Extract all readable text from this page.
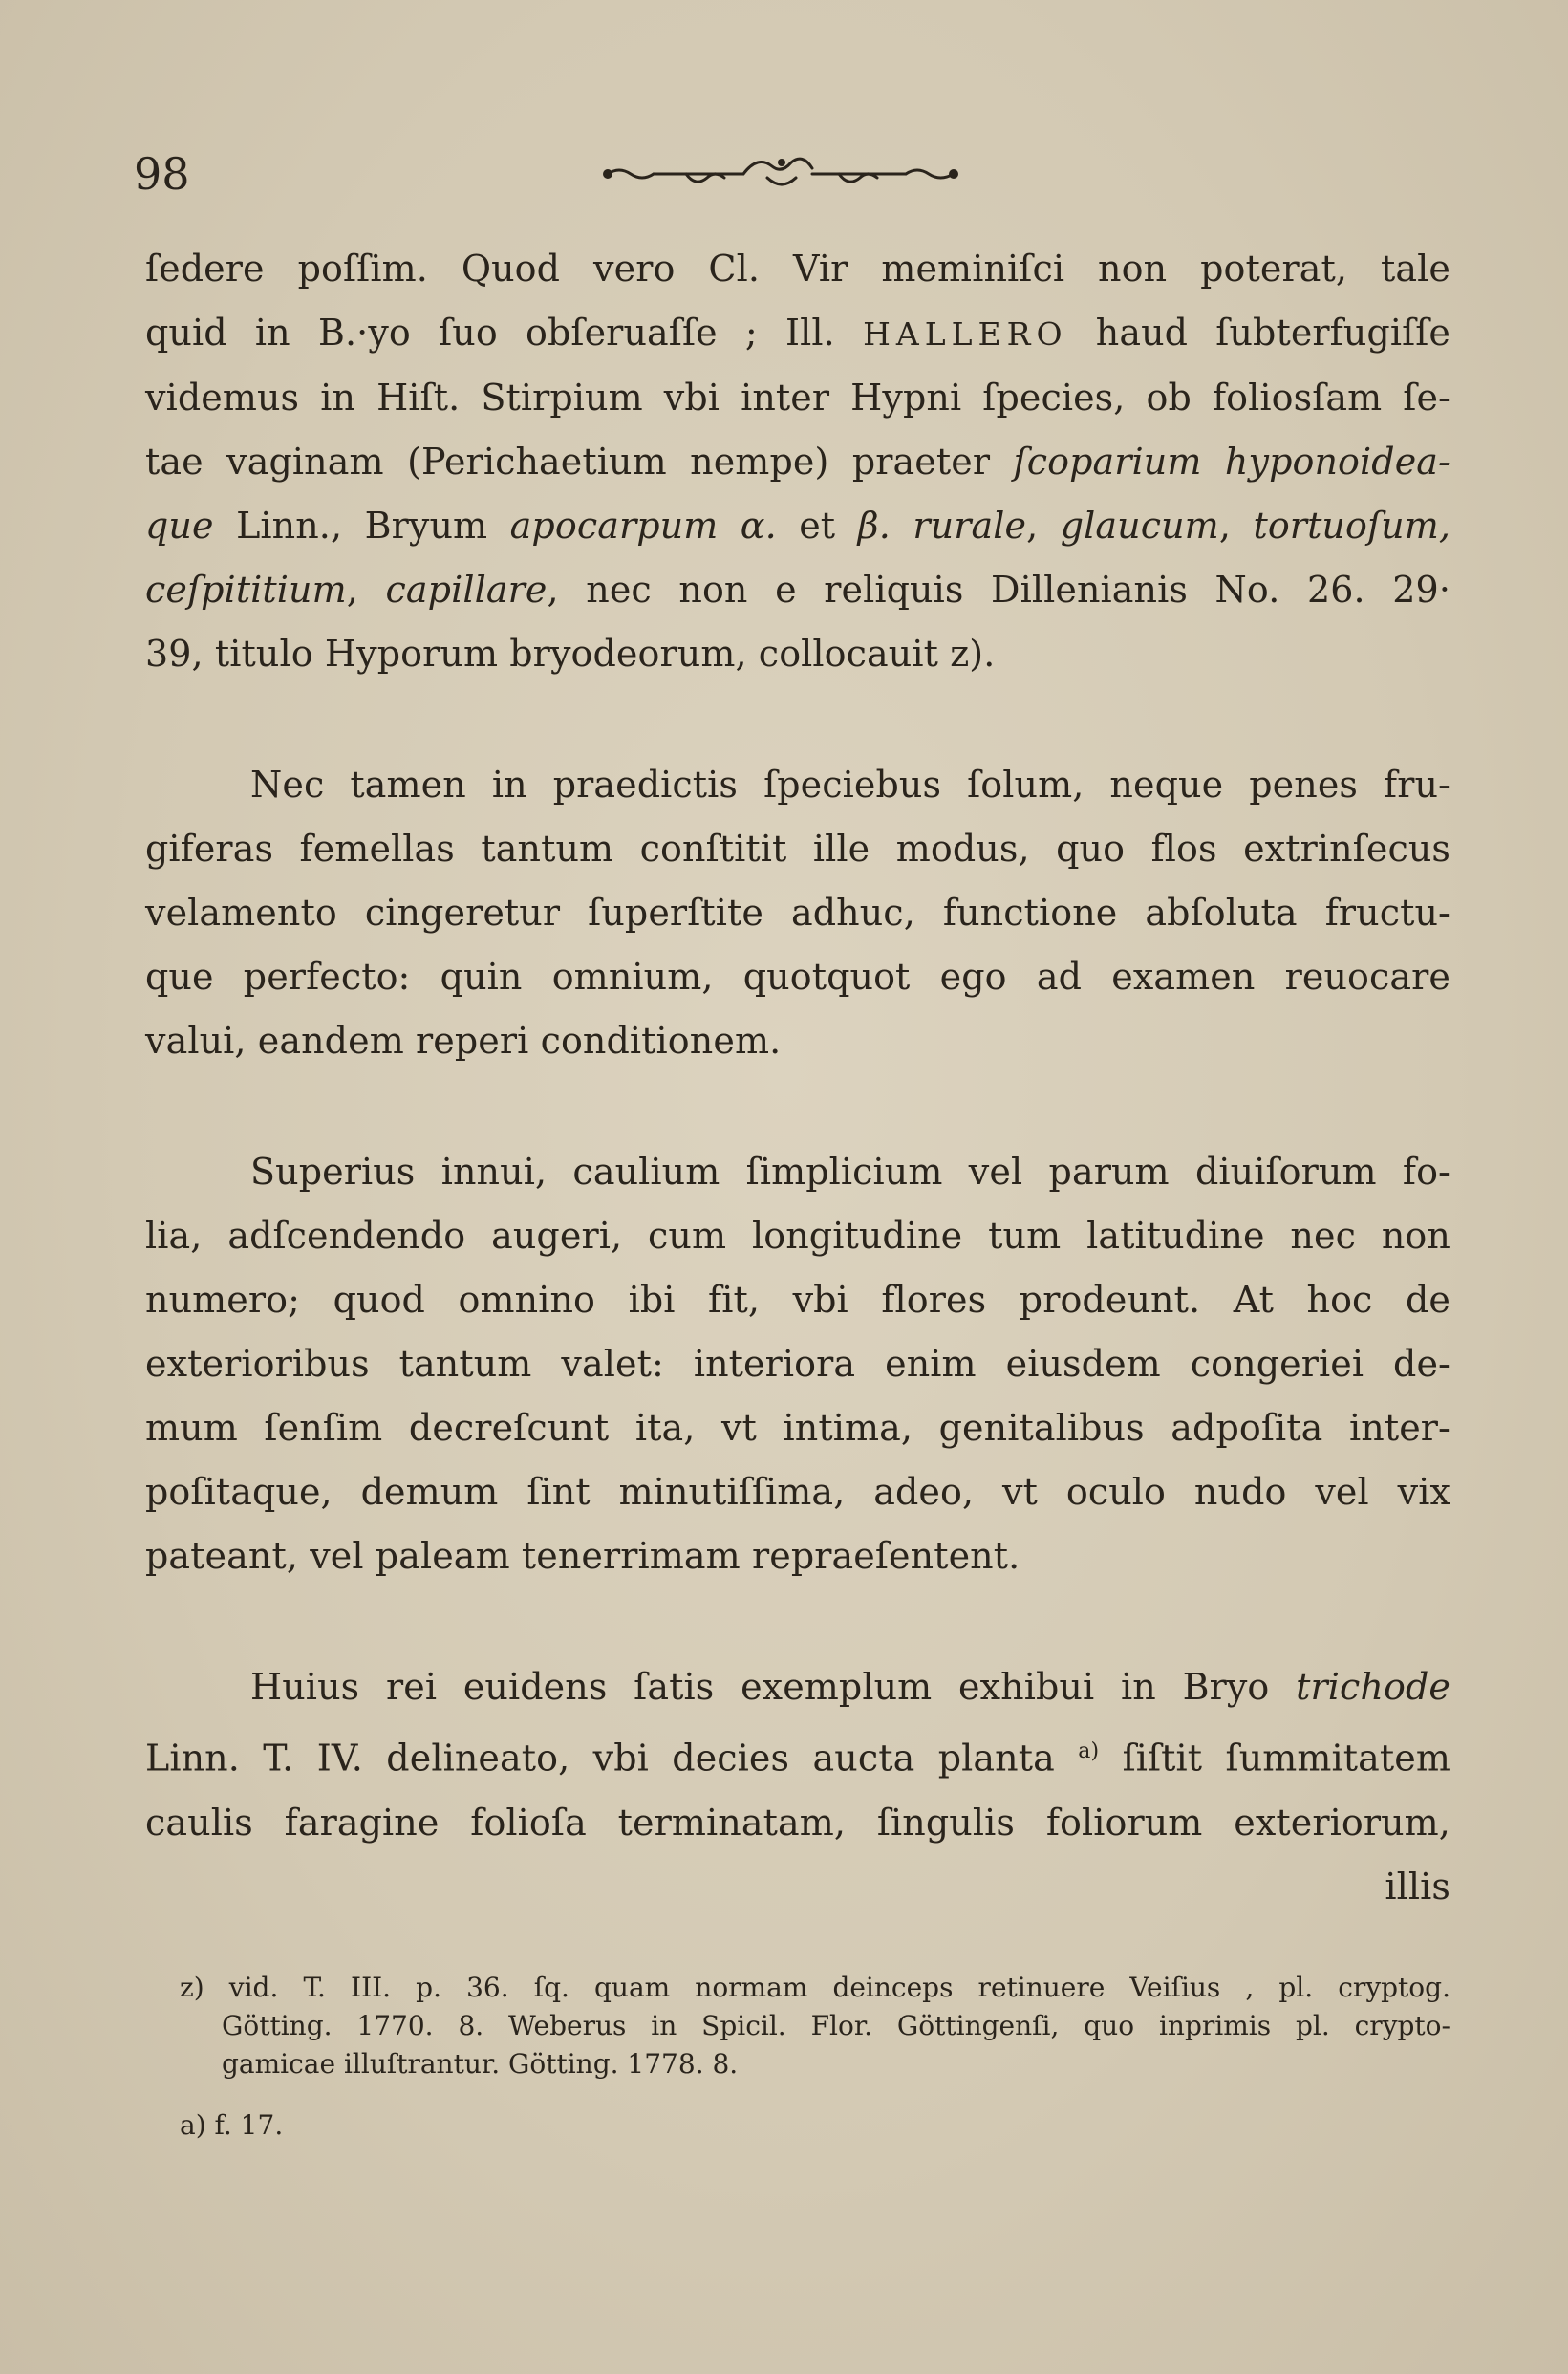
98

ſedere poſſim. Quod vero Cl. Vir meminiſci non poterat, tale
quid in B.·yo ſuo obſeruaſſe ; Ill. HALLERO haud ſubterfugiſſe
videmus in Hiſt. Stirpium vbi inter Hypni ſpecies, ob foliosſam ſe-
tae vaginam (Perichaetium nempe) praeter ſcoparium hyponoidea-
que Linn., Bryum apocarpum α. et β. rurale, glaucum, tortuoſum,
ceſpititium, capillare, nec non e reliquis Dillenianis No. 26. 29·
39, titulo Hyporum bryodeorum, collocauit z).

Nec tamen in praedictis ſpeciebus ſolum, neque penes fru-
giferas femellas tantum conſtitit ille modus, quo flos extrinſecus
velamento cingeretur ſuperſtite adhuc, functione abſoluta fructu-
que perfecto: quin omnium, quotquot ego ad examen reuocare
valui, eandem reperi conditionem.

Superius innui, caulium ſimplicium vel parum diuiſorum fo-
lia, adſcendendo augeri, cum longitudine tum latitudine nec non
numero; quod omnino ibi fit, vbi flores prodeunt. At hoc de
exterioribus tantum valet: interiora enim eiusdem congeriei de-
mum ſenſim decreſcunt ita, vt intima, genitalibus adpoſita inter-
poſitaque, demum ſint minutiſſima, adeo, vt oculo nudo vel vix
pateant, vel paleam tenerrimam repraeſentent.

Huius rei euidens ſatis exemplum exhibui in Bryo trichode
Linn. T. IV. delineato, vbi decies aucta planta $^{a)}$ ſiſtit ſummitatem
caulis faragine folioſa terminatam, ſingulis foliorum exteriorum,
illis

z) vid. T. III. p. 36. ſq. quam normam deinceps retinuere Veiſius , pl. cryptog.
Götting. 1770. 8. Weberus in Spicil. Flor. Göttingenſi, quo inprimis pl. crypto-
gamicae illuſtrantur. Götting. 1778. 8.

a) f. 17.
